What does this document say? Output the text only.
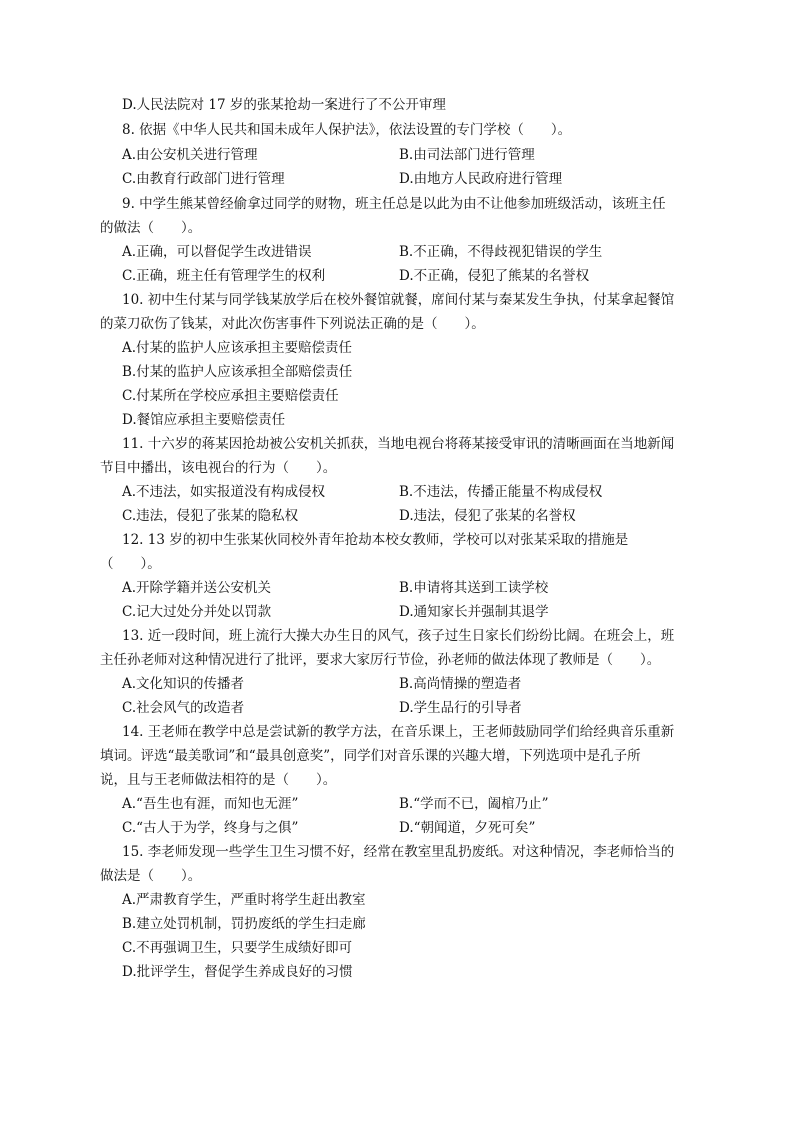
D.人民法院对 17 岁的张某抢劫一案进行了不公开审理
8. 依据《中华人民共和国未成年人保护法》，依法设置的专门学校（　　）。
A.由公安机关进行管理	B.由司法部门进行管理
C.由教育行政部门进行管理	D.由地方人民政府进行管理
9. 中学生熊某曾经偷拿过同学的财物，班主任总是以此为由不让他参加班级活动，该班主任
的做法（　　）。
A.正确，可以督促学生改进错误	B.不正确，不得歧视犯错误的学生
C.正确，班主任有管理学生的权利	D.不正确，侵犯了熊某的名誉权
10. 初中生付某与同学钱某放学后在校外餐馆就餐，席间付某与秦某发生争执，付某拿起餐馆
的菜刀砍伤了钱某，对此次伤害事件下列说法正确的是（　　）。
A.付某的监护人应该承担主要赔偿责任
B.付某的监护人应该承担全部赔偿责任
C.付某所在学校应承担主要赔偿责任
D.餐馆应承担主要赔偿责任
11. 十六岁的蒋某因抢劫被公安机关抓获，当地电视台将蒋某接受审讯的清晰画面在当地新闻
节目中播出，该电视台的行为（　　）。
A.不违法，如实报道没有构成侵权	B.不违法，传播正能量不构成侵权
C.违法，侵犯了张某的隐私权	D.违法，侵犯了张某的名誉权
12. 13 岁的初中生张某伙同校外青年抢劫本校女教师，学校可以对张某采取的措施是
（　　）。
A.开除学籍并送公安机关	B.申请将其送到工读学校
C.记大过处分并处以罚款	D.通知家长并强制其退学
13. 近一段时间，班上流行大操大办生日的风气，孩子过生日家长们纷纷比阔。在班会上，班
主任孙老师对这种情况进行了批评，要求大家厉行节俭，孙老师的做法体现了教师是（　　）。
A.文化知识的传播者	B.高尚情操的塑造者
C.社会风气的改造者	D.学生品行的引导者
14. 王老师在教学中总是尝试新的教学方法，在音乐课上，王老师鼓励同学们给经典音乐重新
填词。评选“最美歌词”和“最具创意奖”，同学们对音乐课的兴趣大增，下列选项中是孔子所
说，且与王老师做法相符的是（　　）。
A.“吾生也有涯，而知也无涯”	B.“学而不已，阖棺乃止”
C.“古人于为学，终身与之俱”	D.“朝闻道，夕死可矣”
15. 李老师发现一些学生卫生习惯不好，经常在教室里乱扔废纸。对这种情况，李老师恰当的
做法是（　　）。
A.严肃教育学生，严重时将学生赶出教室
B.建立处罚机制，罚扔废纸的学生扫走廊
C.不再强调卫生，只要学生成绩好即可
D.批评学生，督促学生养成良好的习惯
